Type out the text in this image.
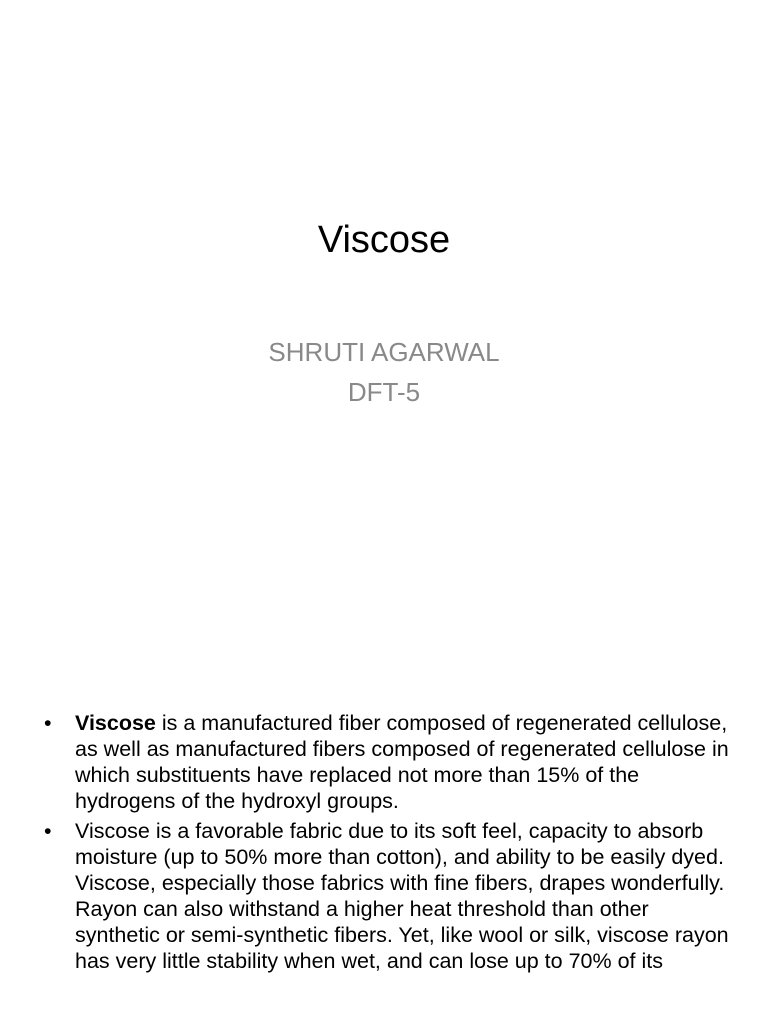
Viscose
SHRUTI AGARWAL
DFT-5
• Viscose is a manufactured fiber composed of regenerated cellulose, as well as manufactured fibers composed of regenerated cellulose in which substituents have replaced not more than 15% of the hydrogens of the hydroxyl groups.
• Viscose is a favorable fabric due to its soft feel, capacity to absorb moisture (up to 50% more than cotton), and ability to be easily dyed. Viscose, especially those fabrics with fine fibers, drapes wonderfully. Rayon can also withstand a higher heat threshold than other synthetic or semi-synthetic fibers. Yet, like wool or silk, viscose rayon has very little stability when wet, and can lose up to 70% of its
